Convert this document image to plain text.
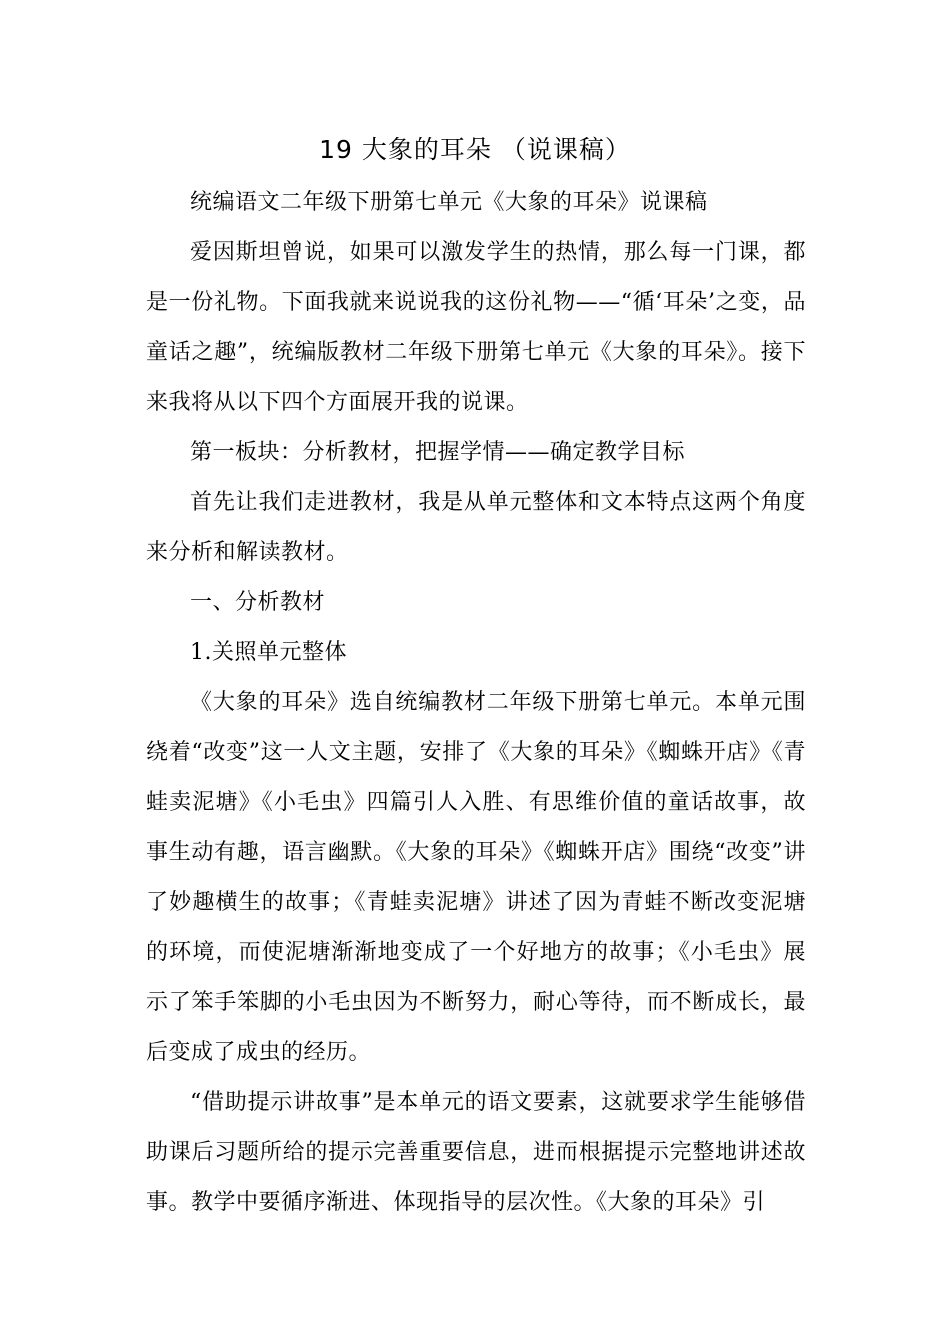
19 大象的耳朵 （说课稿）

统编语文二年级下册第七单元《大象的耳朵》说课稿

爱因斯坦曾说，如果可以激发学生的热情，那么每一门课，都是一份礼物。下面我就来说说我的这份礼物——“循‘耳朵’之变，品童话之趣”，统编版教材二年级下册第七单元《大象的耳朵》。接下来我将从以下四个方面展开我的说课。

第一板块：分析教材，把握学情——确定教学目标

首先让我们走进教材，我是从单元整体和文本特点这两个角度来分析和解读教材。

一、分析教材

1.关照单元整体

《大象的耳朵》选自统编教材二年级下册第七单元。本单元围绕着“改变”这一人文主题，安排了《大象的耳朵》《蜘蛛开店》《青蛙卖泥塘》《小毛虫》四篇引人入胜、有思维价值的童话故事，故事生动有趣，语言幽默。《大象的耳朵》《蜘蛛开店》围绕“改变”讲了妙趣横生的故事；《青蛙卖泥塘》讲述了因为青蛙不断改变泥塘的环境，而使泥塘渐渐地变成了一个好地方的故事；《小毛虫》展示了笨手笨脚的小毛虫因为不断努力，耐心等待，而不断成长，最后变成了成虫的经历。

“借助提示讲故事”是本单元的语文要素，这就要求学生能够借助课后习题所给的提示完善重要信息，进而根据提示完整地讲述故事。教学中要循序渐进、体现指导的层次性。《大象的耳朵》引
